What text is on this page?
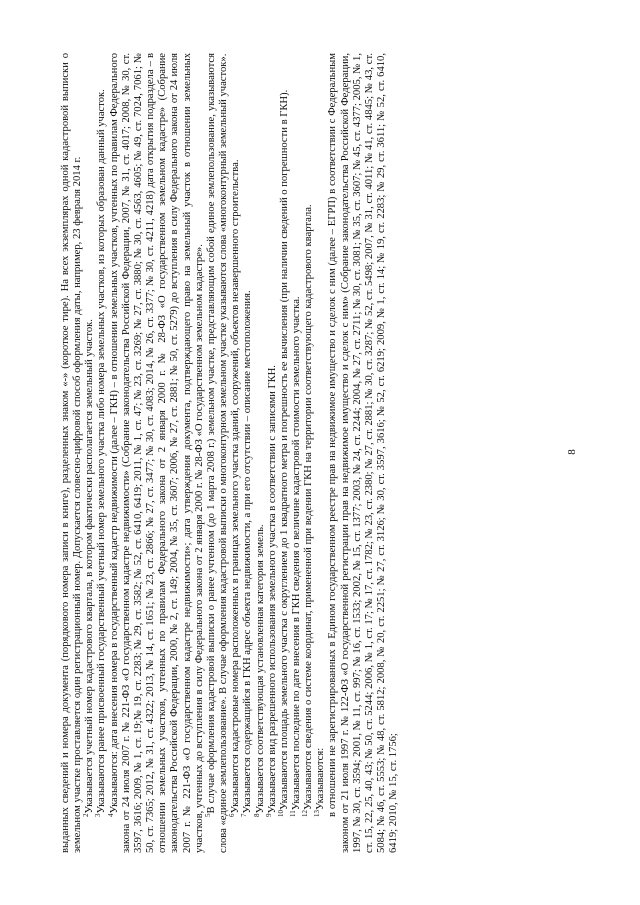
8

выданных сведений и номера документа (порядкового номера записи в книге), разделенных знаком «-» (короткое тире). На всех экземплярах одной кадастровой выписки о земельном участке проставляется один регистрационный номер. Допускается словесно-цифровой способ оформления даты, например, 23 февраля 2014 г. $^2$Указывается учетный номер кадастрового квартала, в котором фактически располагается земельный участок.

$^3$Указываются ранее присвоенный государственный учетный номер земельного участка либо номера земельных участков, из которых образован данный участок.

$^4$Указываются: дата внесения номера в государственный кадастр недвижимости (далее – ГКН) – в отношении земельных участков, учтенных по правилам Федерального закона от 24 июля 2007 г. № 221-ФЗ «О государственном кадастре недвижимости» (Собрание законодательства Российской Федерации, 2007, № 31, ст. 4017; 2008, № 30, ст. 3597, 3616; 2009, № 1, ст. 19;№ 19, ст. 2283; № 29, ст. 3582; № 52, ст. 6410, 6419; 2011, № 1, ст. 47; № 23, ст. 3269; № 27, ст. 3880; № 30, ст. 4563, 4605; № 49, ст. 7024, 7061; № 50, ст. 7365; 2012, № 31, ст. 4322; 2013, № 14, ст. 1651; № 23, ст. 2866; № 27, ст. 3477; № 30, ст. 4083; 2014, № 26, ст. 3377; № 30, ст. 4211, 4218) дата открытия подраздела – в отношении земельных участков, учтенных по правилам Федерального закона от 2 января 2000 г. № 28-ФЗ «О государственном земельном кадастре» (Собрание законодательства Российской Федерации, 2000, № 2, ст. 149; 2004, № 35, ст. 3607; 2006, № 27, ст. 2881; № 50, ст. 5279) до вступления в силу Федерального закона от 24 июля 2007 г. № 221-ФЗ «О государственном кадастре недвижимости»; дата утверждения документа, подтверждающего право на земельный участок в отношении земельных участков, учтенных до вступления в силу Федерального закона от 2 января 2000 г. № 28-ФЗ «О государственном земельном кадастре». $^5$В случае оформления кадастровой выписки о ранее учтенном (до 1 марта 2008 г.) земельном участке, представляющим собой единое землепользование, указываются слова «единое землепользование». В случае оформления кадастровой выписки о многоконтурном земельном участке указываются слова «многоконтурный земельный участок». $^6$Указываются кадастровые номера расположенных в границах земельного участка зданий, сооружений, объектов незавершенного строительства.

$^7$Указывается содержащийся в ГКН адрес объекта недвижимости, а при его отсутствии – описание местоположения.

$^8$Указывается соответствующая установленная категория земель.

$^9$Указывается вид разрешенного использования земельного участка в соответствии с записями ГКН. $^{10}$Указываются площадь земельного участка с округлением до 1 квадратного метра и погрешность ее вычисления (при наличии сведений о погрешности в ГКН).

$^{11}$Указывается последние по дате внесения в ГКН сведения о величине кадастровой стоимости земельного участка.

$^{12}$Указываются сведения о системе координат, примененной при ведении ГКН на территории соответствующего кадастрового квартала.

$^{13}$Указываются: в отношении не зарегистрированных в Едином государственном реестре прав на недвижимое имущество и сделок с ним (далее – ЕГРП) в соответствии с Федеральным законом от 21 июля 1997 г. № 122-ФЗ «О государственной регистрации прав на недвижимое имущество и сделок с ним» (Собрание законодательства Российской Федерации, 1997, № 30, ст. 3594; 2001, № 11, ст. 997; № 16, ст. 1533; 2002, № 15, ст. 1377; 2003, № 24, ст. 2244; 2004, № 27, ст. 2711; № 30, ст. 3081; № 35, ст. 3607; № 45, ст. 4377; 2005, № 1, ст. 15, 22, 25, 40, 43; № 50, ст. 5244; 2006, № 1, ст. 17; № 17, ст. 1782; № 23, ст. 2380; № 27, ст. 2881; № 30, ст. 3287; № 52, ст. 5498; 2007, № 31, ст. 4011; № 41, ст. 4845; № 43, ст. 5084; № 46, ст. 5553; № 48, ст. 5812; 2008, № 20, ст. 2251; № 27, ст. 3126; № 30, ст. 3597, 3616; № 52, ст. 6219; 2009, № 1, ст. 14; № 19, ст. 2283; № 29, ст. 3611; № 52, ст. 6410, 6419; 2010, № 15, ст. 1756;
